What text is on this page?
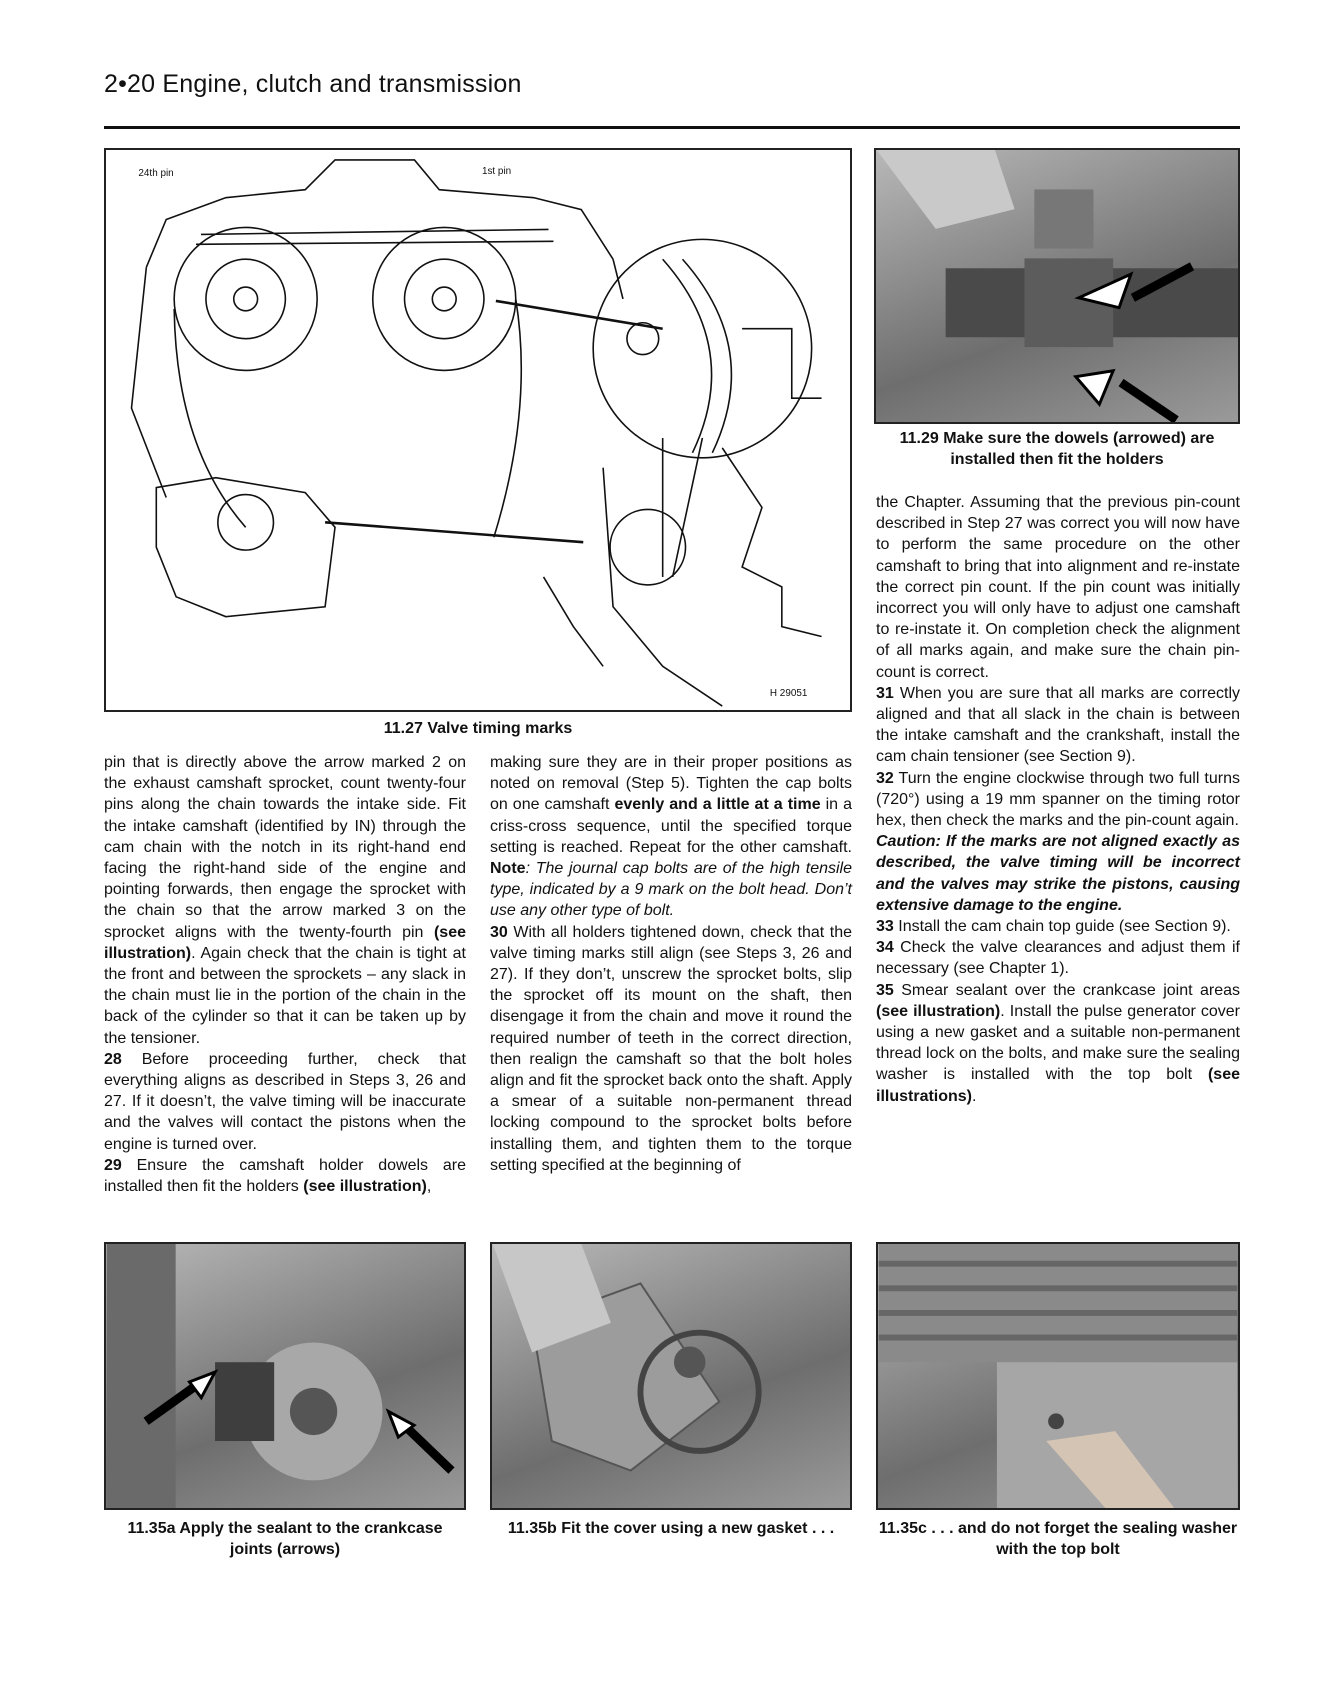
2•20 Engine, clutch and transmission
24th pin	1st pin
H 29051
11.27 Valve timing marks
11.29 Make sure the dowels (arrowed) are installed then fit the holders

pin that is directly above the arrow marked 2 on the exhaust camshaft sprocket, count twenty-four pins along the chain towards the intake side. Fit the intake camshaft (identified by IN) through the cam chain with the notch in its right-hand end facing the right-hand side of the engine and pointing forwards, then engage the sprocket with the chain so that the arrow marked 3 on the sprocket aligns with the twenty-fourth pin (see illustration). Again check that the chain is tight at the front and between the sprockets – any slack in the chain must lie in the portion of the chain in the back of the cylinder so that it can be taken up by the tensioner.

28 Before proceeding further, check that everything aligns as described in Steps 3, 26 and 27. If it doesn’t, the valve timing will be inaccurate and the valves will contact the pistons when the engine is turned over.

29 Ensure the camshaft holder dowels are installed then fit the holders (see illustration),

making sure they are in their proper positions as noted on removal (Step 5). Tighten the cap bolts on one camshaft evenly and a little at a time in a criss-cross sequence, until the specified torque setting is reached. Repeat for the other camshaft. Note: The journal cap bolts are of the high tensile type, indicated by a 9 mark on the bolt head. Don’t use any other type of bolt.

30 With all holders tightened down, check that the valve timing marks still align (see Steps 3, 26 and 27). If they don’t, unscrew the sprocket bolts, slip the sprocket off its mount on the shaft, then disengage it from the chain and move it round the required number of teeth in the correct direction, then realign the camshaft so that the bolt holes align and fit the sprocket back onto the shaft. Apply a smear of a suitable non-permanent thread locking compound to the sprocket bolts before installing them, and tighten them to the torque setting specified at the beginning of

the Chapter. Assuming that the previous pin-count described in Step 27 was correct you will now have to perform the same procedure on the other camshaft to bring that into alignment and re-instate the correct pin count. If the pin count was initially incorrect you will only have to adjust one camshaft to re-instate it. On completion check the alignment of all marks again, and make sure the chain pin-count is correct.

31 When you are sure that all marks are correctly aligned and that all slack in the chain is between the intake camshaft and the crankshaft, install the cam chain tensioner (see Section 9).

32 Turn the engine clockwise through two full turns (720°) using a 19 mm spanner on the timing rotor hex, then check the marks and the pin-count again.

Caution: If the marks are not aligned exactly as described, the valve timing will be incorrect and the valves may strike the pistons, causing extensive damage to the engine.

33 Install the cam chain top guide (see Section 9).

34 Check the valve clearances and adjust them if necessary (see Chapter 1).

35 Smear sealant over the crankcase joint areas (see illustration). Install the pulse generator cover using a new gasket and a suitable non-permanent thread lock on the bolts, and make sure the sealing washer is installed with the top bolt (see illustrations).

11.35a Apply the sealant to the crankcase joints (arrows)
11.35b Fit the cover using a new gasket . . .	11.35c . . . and do not forget the sealing washer with the top bolt
